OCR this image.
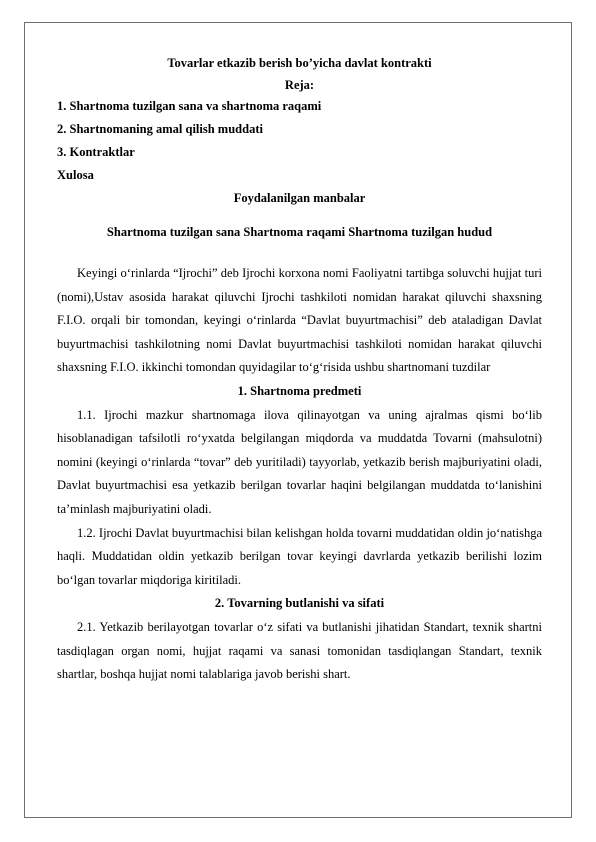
Tovarlar etkazib berish bo’yicha davlat kontrakti

Reja:

1. Shartnoma tuzilgan sana va shartnoma raqami

2. Shartnomaning amal qilish muddati

3. Kontraktlar

Xulosa

Foydalanilgan manbalar

Shartnoma tuzilgan sana Shartnoma raqami Shartnoma tuzilgan hudud

Keyingi o‘rinlarda “Ijrochi” deb Ijrochi korxona nomi Faoliyatni tartibga soluvchi hujjat turi (nomi),Ustav asosida harakat qiluvchi Ijrochi tashkiloti nomidan harakat qiluvchi shaxsning F.I.O. orqali bir tomondan, keyingi o‘rinlarda “Davlat buyurtmachisi” deb ataladigan Davlat buyurtmachisi tashkilotning nomi Davlat buyurtmachisi tashkiloti nomidan harakat qiluvchi shaxsning F.I.O. ikkinchi tomondan quyidagilar to‘g‘risida ushbu shartnomani tuzdilar

1. Shartnoma predmeti

1.1. Ijrochi mazkur shartnomaga ilova qilinayotgan va uning ajralmas qismi bo‘lib hisoblanadigan tafsilotli ro‘yxatda belgilangan miqdorda va muddatda Tovarni (mahsulotni) nomini (keyingi o‘rinlarda “tovar” deb yuritiladi) tayyorlab, yetkazib berish majburiyatini oladi, Davlat buyurtmachisi esa yetkazib berilgan tovarlar haqini belgilangan muddatda to‘lanishini ta’minlash majburiyatini oladi.

1.2. Ijrochi Davlat buyurtmachisi bilan kelishgan holda tovarni muddatidan oldin jo‘natishga haqli. Muddatidan oldin yetkazib berilgan tovar keyingi davrlarda yetkazib berilishi lozim bo‘lgan tovarlar miqdoriga kiritiladi.

2. Tovarning butlanishi va sifati

2.1. Yetkazib berilayotgan tovarlar o‘z sifati va butlanishi jihatidan Standart, texnik shartni tasdiqlagan organ nomi, hujjat raqami va sanasi tomonidan tasdiqlangan Standart, texnik shartlar, boshqa hujjat nomi talablariga javob berishi shart.
